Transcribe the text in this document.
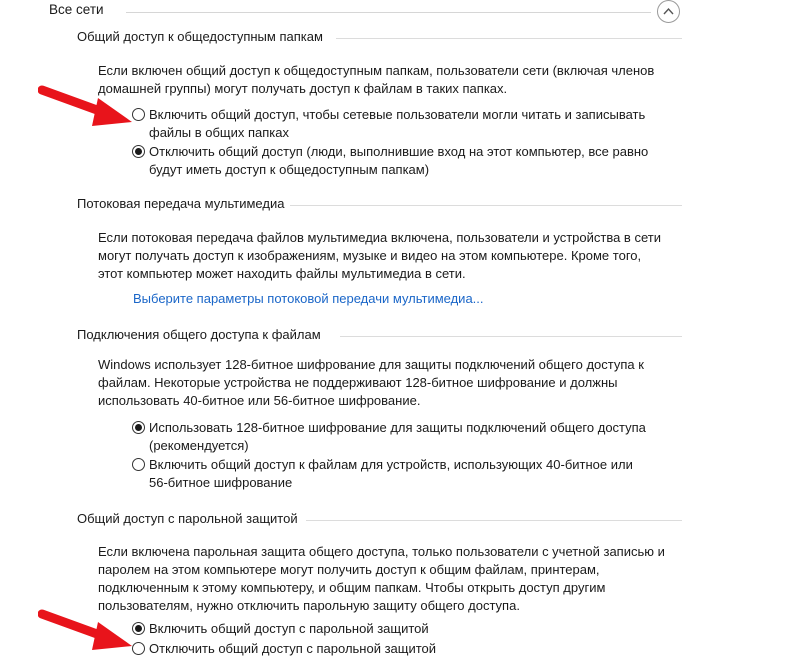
Все сети
Общий доступ к общедоступным папкам
Если включен общий доступ к общедоступным папкам, пользователи сети (включая членов
домашней группы) могут получать доступ к файлам в таких папках.
Включить общий доступ, чтобы сетевые пользователи могли читать и записывать
файлы в общих папках
Отключить общий доступ (люди, выполнившие вход на этот компьютер, все равно
будут иметь доступ к общедоступным папкам)
Потоковая передача мультимедиа
Если потоковая передача файлов мультимедиа включена, пользователи и устройства в сети
могут получать доступ к изображениям, музыке и видео на этом компьютере. Кроме того,
этот компьютер может находить файлы мультимедиа в сети.
Выберите параметры потоковой передачи мультимедиа...
Подключения общего доступа к файлам
Windows использует 128-битное шифрование для защиты подключений общего доступа к
файлам. Некоторые устройства не поддерживают 128-битное шифрование и должны
использовать 40-битное или 56-битное шифрование.
Использовать 128-битное шифрование для защиты подключений общего доступа
(рекомендуется)
Включить общий доступ к файлам для устройств, использующих 40-битное или
56-битное шифрование
Общий доступ с парольной защитой
Если включена парольная защита общего доступа, только пользователи с учетной записью и
паролем на этом компьютере могут получить доступ к общим файлам, принтерам,
подключенным к этому компьютеру, и общим папкам. Чтобы открыть доступ другим
пользователям, нужно отключить парольную защиту общего доступа.
Включить общий доступ с парольной защитой
Отключить общий доступ с парольной защитой
